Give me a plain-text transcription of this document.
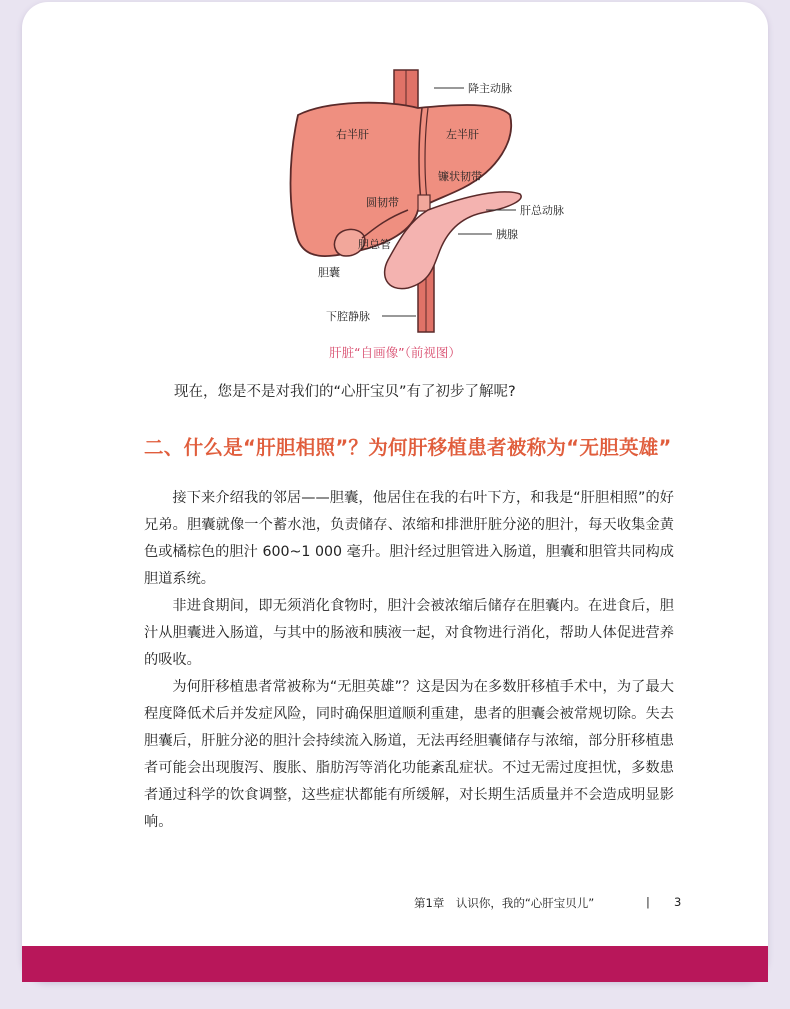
降主动脉
右半肝	左半肝
镰状韧带
圆韧带
肝总动脉
胰腺
胆总管
胆囊
下腔静脉
肝脏“自画像”（前视图）
现在，您是不是对我们的“心肝宝贝”有了初步了解呢?
二、什么是“肝胆相照”？为何肝移植患者被称为“无胆英雄”

接下来介绍我的邻居——胆囊，他居住在我的右叶下方，和我是“肝胆相照”的好兄弟。胆囊就像一个蓄水池，负责储存、浓缩和排泄肝脏分泌的胆汁，每天收集金黄色或橘棕色的胆汁 600~1 000 毫升。胆汁经过胆管进入肠道，胆囊和胆管共同构成胆道系统。

非进食期间，即无须消化食物时，胆汁会被浓缩后储存在胆囊内。在进食后，胆汁从胆囊进入肠道，与其中的肠液和胰液一起，对食物进行消化，帮助人体促进营养的吸收。

为何肝移植患者常被称为“无胆英雄”？这是因为在多数肝移植手术中，为了最大程度降低术后并发症风险，同时确保胆道顺利重建，患者的胆囊会被常规切除。失去胆囊后，肝脏分泌的胆汁会持续流入肠道，无法再经胆囊储存与浓缩，部分肝移植患者可能会出现腹泻、腹胀、脂肪泻等消化功能紊乱症状。不过无需过度担忧，多数患者通过科学的饮食调整，这些症状都能有所缓解，对长期生活质量并不会造成明显影响。

第1章　认识你，我的“心肝宝贝儿”	| 3
